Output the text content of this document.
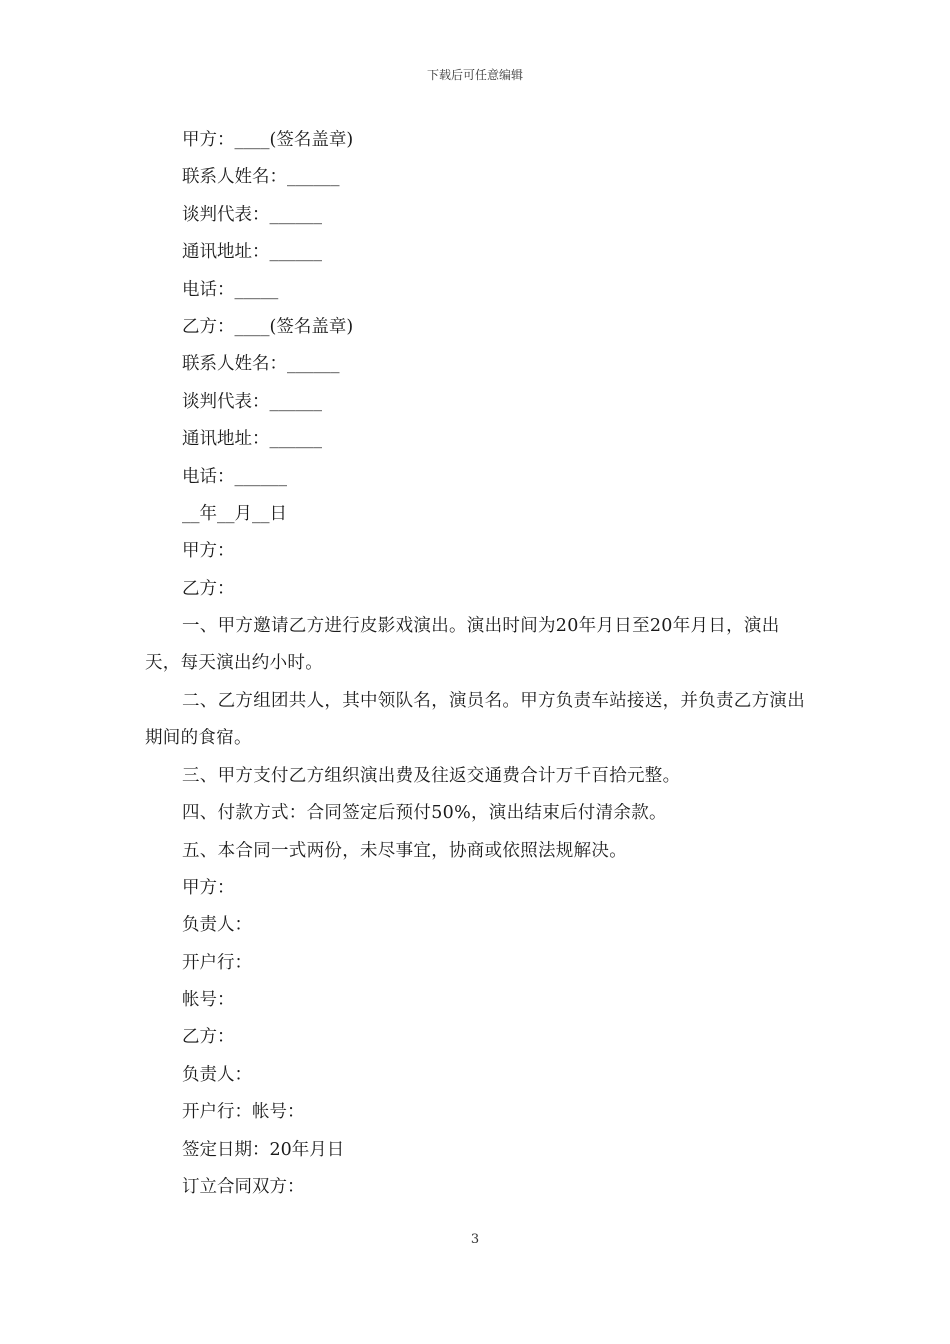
下载后可任意编辑
甲方：____(签名盖章)
联系人姓名：______
谈判代表：______
通讯地址：______
电话：_____
乙方：____(签名盖章)
联系人姓名：______
谈判代表：______
通讯地址：______
电话：______
__年__月__日
甲方：
乙方：
一、甲方邀请乙方进行皮影戏演出。演出时间为20年月日至20年月日，演出天，每天演出约小时。
二、乙方组团共人，其中领队名，演员名。甲方负责车站接送，并负责乙方演出期间的食宿。
三、甲方支付乙方组织演出费及往返交通费合计万千百拾元整。
四、付款方式：合同签定后预付50%，演出结束后付清余款。
五、本合同一式两份，未尽事宜，协商或依照法规解决。
甲方：
负责人：
开户行：
帐号：
乙方：
负责人：
开户行：帐号：
签定日期：20年月日
订立合同双方：
3
